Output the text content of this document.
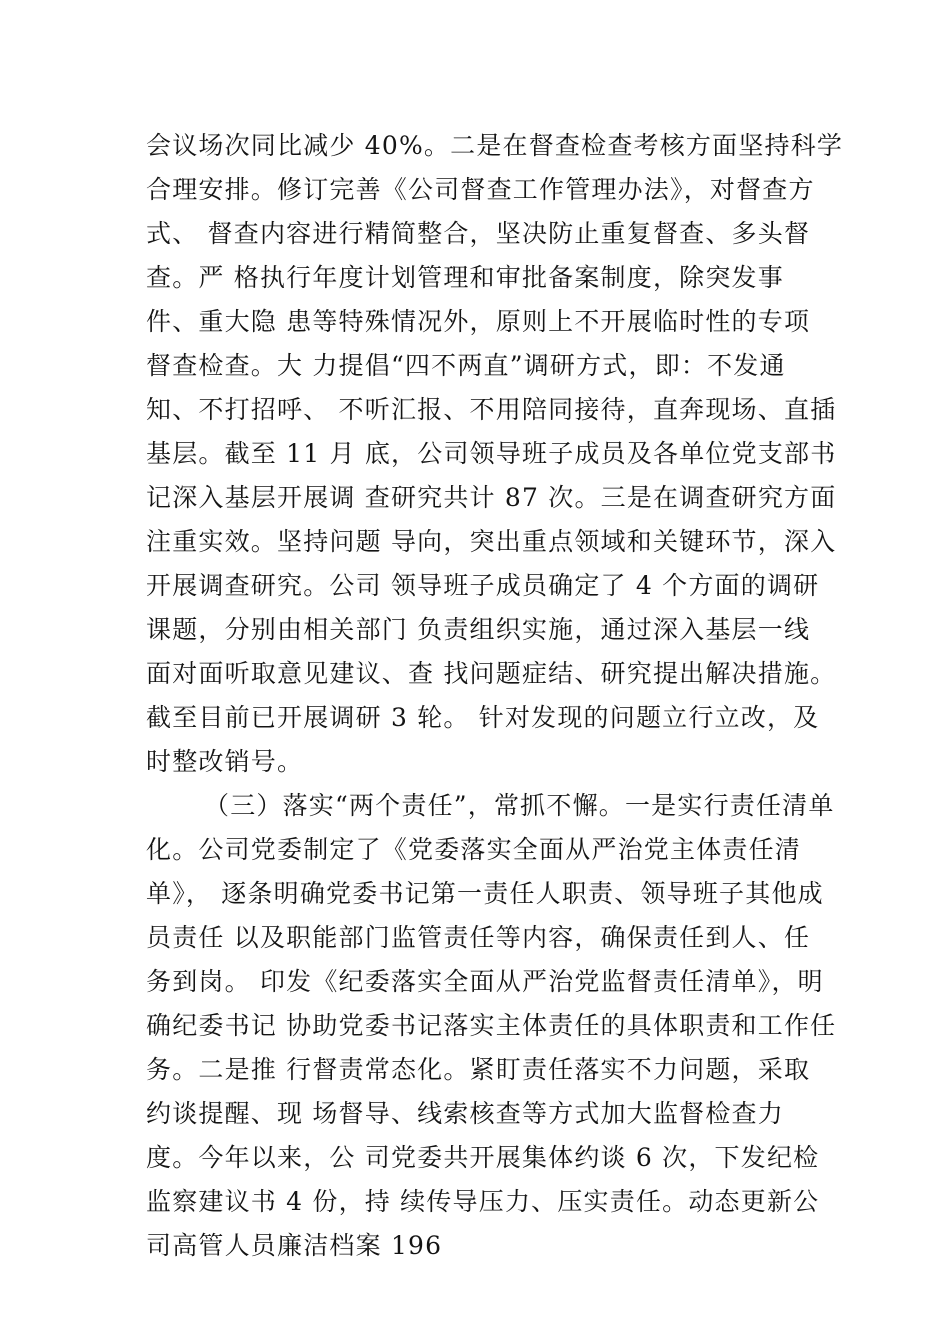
会议场次同比减少 40%。二是在督查检查考核方面坚持科学
合理安排。修订完善《公司督查工作管理办法》，对督查方
式、 督查内容进行精简整合，坚决防止重复督查、多头督
查。严 格执行年度计划管理和审批备案制度，除突发事
件、重大隐 患等特殊情况外，原则上不开展临时性的专项
督查检查。大 力提倡“四不两直”调研方式，即：不发通
知、不打招呼、 不听汇报、不用陪同接待，直奔现场、直插
基层。截至 11 月 底，公司领导班子成员及各单位党支部书
记深入基层开展调 查研究共计 87 次。三是在调查研究方面
注重实效。坚持问题 导向，突出重点领域和关键环节，深入
开展调查研究。公司 领导班子成员确定了 4 个方面的调研
课题，分别由相关部门 负责组织实施，通过深入基层一线
面对面听取意见建议、查 找问题症结、研究提出解决措施。
截至目前已开展调研 3 轮。 针对发现的问题立行立改，及
时整改销号。
（三）落实“两个责任”，常抓不懈。一是实行责任清单
化。公司党委制定了《党委落实全面从严治党主体责任清
单》， 逐条明确党委书记第一责任人职责、领导班子其他成
员责任 以及职能部门监管责任等内容，确保责任到人、任
务到岗。 印发《纪委落实全面从严治党监督责任清单》，明
确纪委书记 协助党委书记落实主体责任的具体职责和工作任
务。二是推 行督责常态化。紧盯责任落实不力问题，采取
约谈提醒、现 场督导、线索核查等方式加大监督检查力
度。今年以来，公 司党委共开展集体约谈 6 次，下发纪检
监察建议书 4 份，持 续传导压力、压实责任。动态更新公
司高管人员廉洁档案 196
